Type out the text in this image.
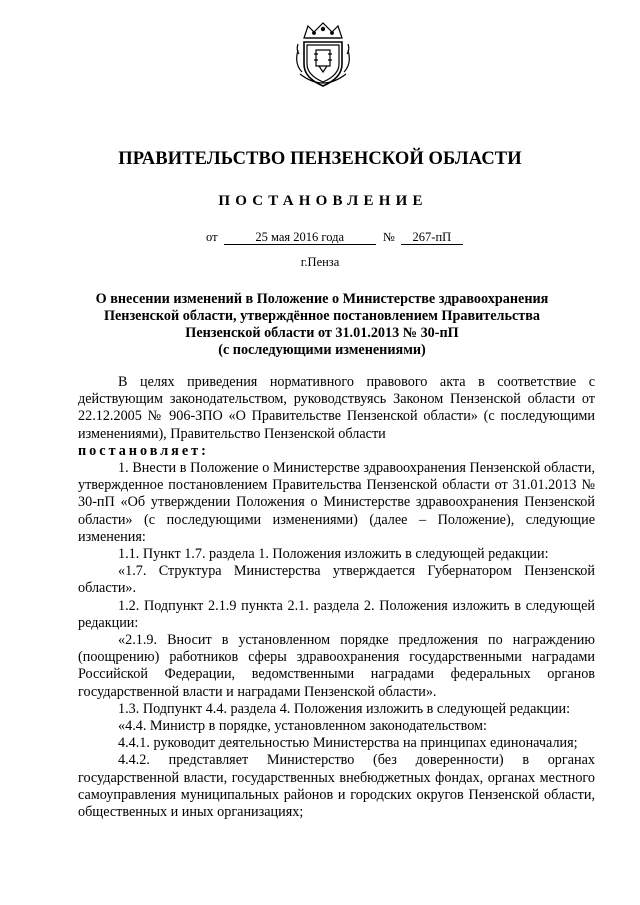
ПРАВИТЕЛЬСТВО ПЕНЗЕНСКОЙ ОБЛАСТИ
ПОСТАНОВЛЕНИЕ
от	25 мая 2016 года	№ 267-пП
г.Пенза
О внесении изменений в Положение о Министерстве здравоохранения
Пензенской области, утверждённое постановлением Правительства
Пензенской области от 31.01.2013 № 30-пП
(с последующими изменениями)

В целях приведения нормативного правового акта в соответствие с действующим законодательством, руководствуясь Законом Пензенской области от 22.12.2005 № 906-ЗПО «О Правительстве Пензенской области» (с последующими изменениями), Правительство Пензенской области

постановляет:

1. Внести в Положение о Министерстве здравоохранения Пензенской области, утвержденное постановлением Правительства Пензенской области от 31.01.2013 № 30-пП «Об утверждении Положения о Министерстве здравоохранения Пензенской области» (с последующими изменениями) (далее – Положение), следующие изменения:

1.1. Пункт 1.7. раздела 1. Положения изложить в следующей редакции:

«1.7. Структура Министерства утверждается Губернатором Пензенской области».

1.2. Подпункт 2.1.9 пункта 2.1. раздела 2. Положения изложить в следующей редакции:

«2.1.9. Вносит в установленном порядке предложения по награждению (поощрению) работников сферы здравоохранения государственными наградами Российской Федерации, ведомственными наградами федеральных органов государственной власти и наградами Пензенской области».

1.3. Подпункт 4.4. раздела 4. Положения изложить в следующей редакции:

«4.4. Министр в порядке, установленном законодательством:

4.4.1. руководит деятельностью Министерства на принципах единоначалия;

4.4.2. представляет Министерство (без доверенности) в органах государственной власти, государственных внебюджетных фондах, органах местного самоуправления муниципальных районов и городских округов Пензенской области, общественных и иных организациях;
